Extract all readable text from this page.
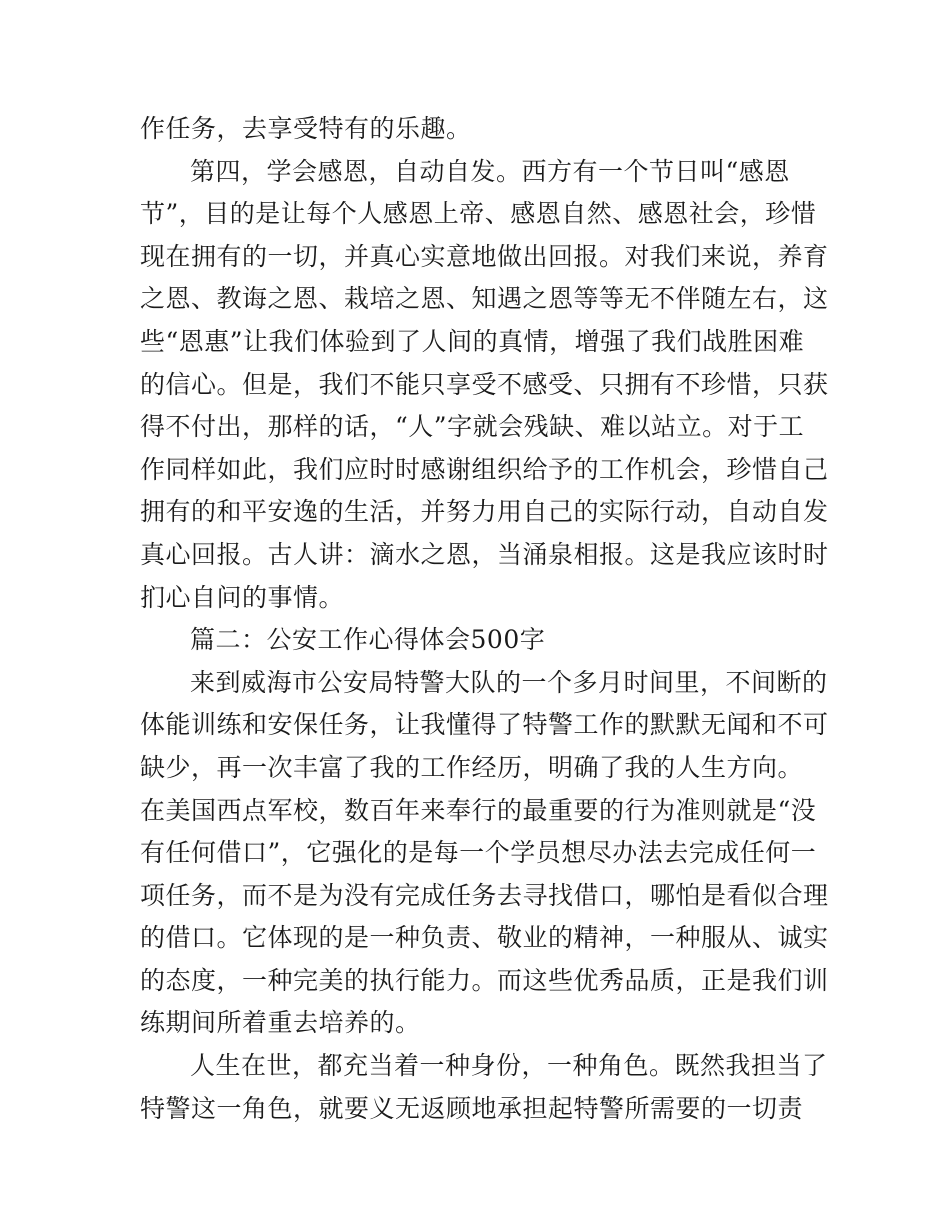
作任务，去享受特有的乐趣。
第四，学会感恩，自动自发。西方有一个节日叫“感恩
节”，目的是让每个人感恩上帝、感恩自然、感恩社会，珍惜
现在拥有的一切，并真心实意地做出回报。对我们来说，养育
之恩、教诲之恩、栽培之恩、知遇之恩等等无不伴随左右，这
些“恩惠”让我们体验到了人间的真情，增强了我们战胜困难
的信心。但是，我们不能只享受不感受、只拥有不珍惜，只获
得不付出，那样的话，“人”字就会残缺、难以站立。对于工
作同样如此，我们应时时感谢组织给予的工作机会，珍惜自己
拥有的和平安逸的生活，并努力用自己的实际行动，自动自发
真心回报。古人讲：滴水之恩，当涌泉相报。这是我应该时时
扪心自问的事情。
篇二：公安工作心得体会500字
来到威海市公安局特警大队的一个多月时间里，不间断的
体能训练和安保任务，让我懂得了特警工作的默默无闻和不可
缺少，再一次丰富了我的工作经历，明确了我的人生方向。
在美国西点军校，数百年来奉行的最重要的行为准则就是“没
有任何借口”，它强化的是每一个学员想尽办法去完成任何一
项任务，而不是为没有完成任务去寻找借口，哪怕是看似合理
的借口。它体现的是一种负责、敬业的精神，一种服从、诚实
的态度，一种完美的执行能力。而这些优秀品质，正是我们训
练期间所着重去培养的。
人生在世，都充当着一种身份，一种角色。既然我担当了
特警这一角色，就要义无返顾地承担起特警所需要的一切责
